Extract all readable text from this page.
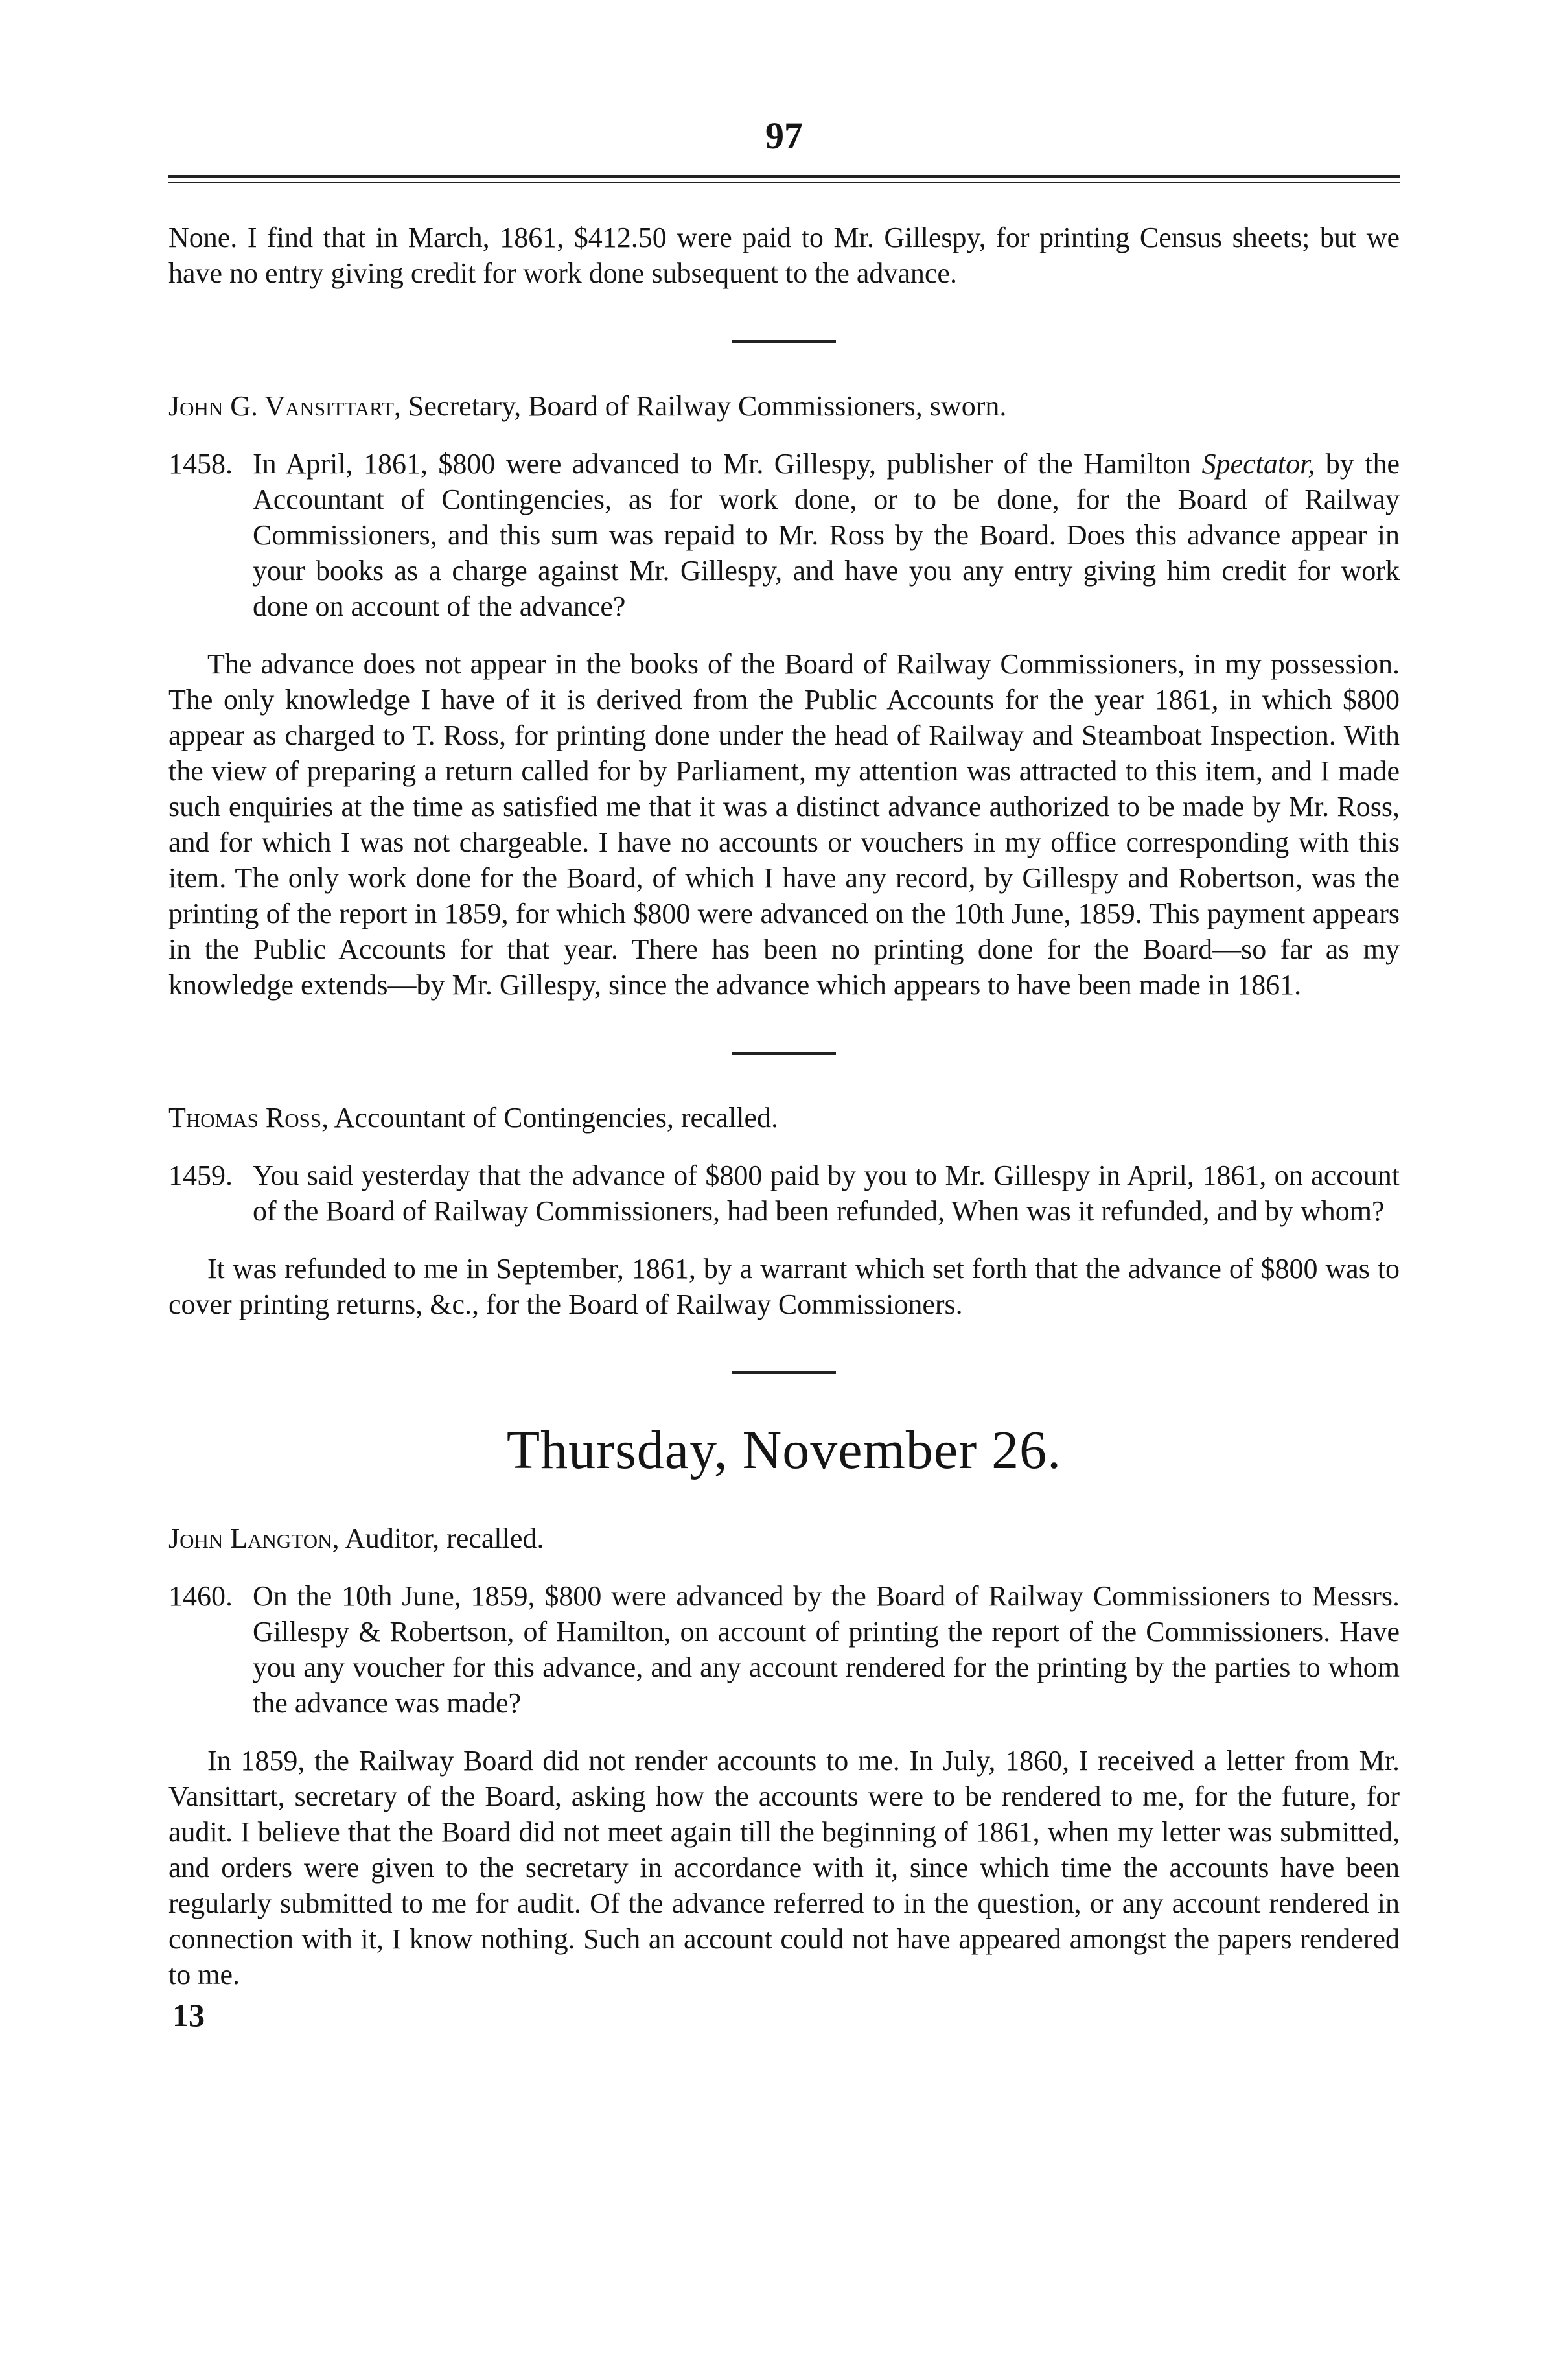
97

None. I find that in March, 1861, $412.50 were paid to Mr. Gillespy, for printing Census sheets; but we have no entry giving credit for work done subsequent to the advance.

John G. Vansittart, Secretary, Board of Railway Commissioners, sworn.
1458. In April, 1861, $800 were advanced to Mr. Gillespy, publisher of the Hamilton Spectator, by the Accountant of Contingencies, as for work done, or to be done, for the Board of Railway Commissioners, and this sum was repaid to Mr. Ross by the Board. Does this advance appear in your books as a charge against Mr. Gillespy, and have you any entry giving him credit for work done on account of the advance?

The advance does not appear in the books of the Board of Railway Commissioners, in my possession. The only knowledge I have of it is derived from the Public Accounts for the year 1861, in which $800 appear as charged to T. Ross, for printing done under the head of Railway and Steamboat Inspection. With the view of preparing a return called for by Parliament, my attention was attracted to this item, and I made such enquiries at the time as satisfied me that it was a distinct advance authorized to be made by Mr. Ross, and for which I was not chargeable. I have no accounts or vouchers in my office corresponding with this item. The only work done for the Board, of which I have any record, by Gillespy and Robertson, was the printing of the report in 1859, for which $800 were advanced on the 10th June, 1859. This payment appears in the Public Accounts for that year. There has been no printing done for the Board—so far as my knowledge extends—by Mr. Gillespy, since the advance which appears to have been made in 1861.

Thomas Ross, Accountant of Contingencies, recalled.
1459. You said yesterday that the advance of $800 paid by you to Mr. Gillespy in April, 1861, on account of the Board of Railway Commissioners, had been refunded, When was it refunded, and by whom?

It was refunded to me in September, 1861, by a warrant which set forth that the advance of $800 was to cover printing returns, &c., for the Board of Railway Commissioners.

Thursday, November 26.
John Langton, Auditor, recalled.
1460. On the 10th June, 1859, $800 were advanced by the Board of Railway Commissioners to Messrs. Gillespy & Robertson, of Hamilton, on account of printing the report of the Commissioners. Have you any voucher for this advance, and any account rendered for the printing by the parties to whom the advance was made?

In 1859, the Railway Board did not render accounts to me. In July, 1860, I received a letter from Mr. Vansittart, secretary of the Board, asking how the accounts were to be rendered to me, for the future, for audit. I believe that the Board did not meet again till the beginning of 1861, when my letter was submitted, and orders were given to the secretary in accordance with it, since which time the accounts have been regularly submitted to me for audit. Of the advance referred to in the question, or any account rendered in connection with it, I know nothing. Such an account could not have appeared amongst the papers rendered to me.

13
